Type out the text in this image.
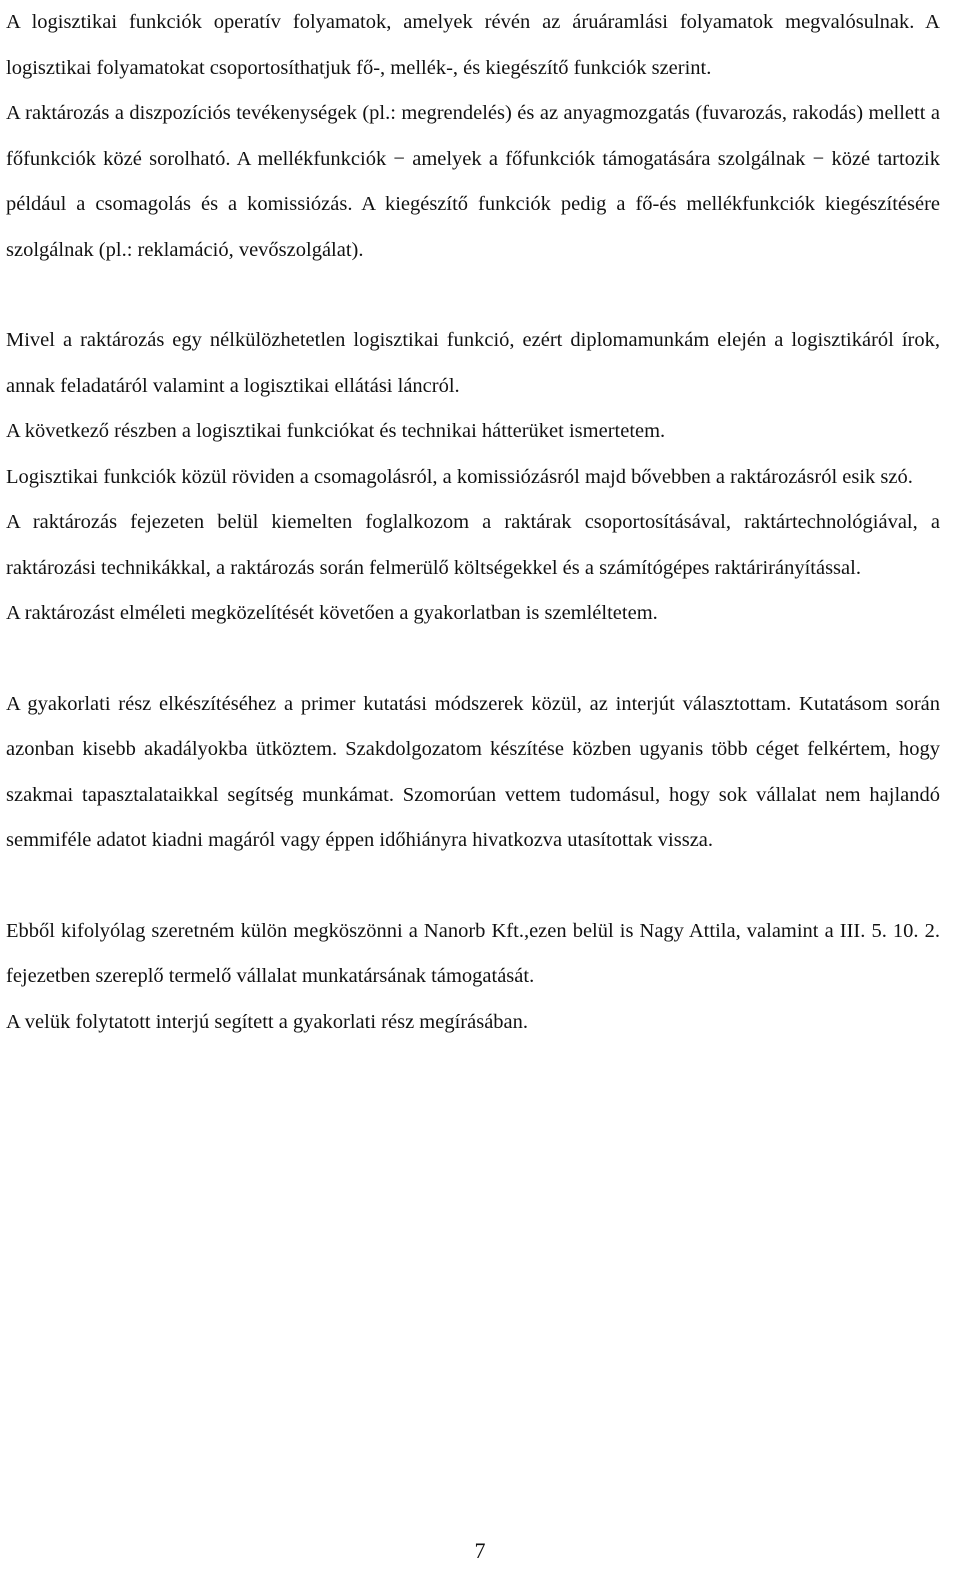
A logisztikai funkciók operatív folyamatok, amelyek révén az áruáramlási folyamatok megvalósulnak. A logisztikai folyamatokat csoportosíthatjuk fő-, mellék-, és kiegészítő funkciók szerint.

A raktározás a diszpozíciós tevékenységek (pl.: megrendelés) és az anyagmozgatás (fuvarozás, rakodás) mellett a főfunkciók közé sorolható. A mellékfunkciók − amelyek a főfunkciók támogatására szolgálnak − közé tartozik például a csomagolás és a komissiózás. A kiegészítő funkciók pedig a fő-és mellékfunkciók kiegészítésére szolgálnak (pl.: reklamáció, vevőszolgálat).

Mivel a raktározás egy nélkülözhetetlen logisztikai funkció, ezért diplomamunkám elején a logisztikáról írok, annak feladatáról valamint a logisztikai ellátási láncról.

A következő részben a logisztikai funkciókat és technikai hátterüket ismertetem.

Logisztikai funkciók közül röviden a csomagolásról, a komissiózásról majd bővebben a raktározásról esik szó.

A raktározás fejezeten belül kiemelten foglalkozom a raktárak csoportosításával, raktártechnológiával, a raktározási technikákkal, a raktározás során felmerülő költségekkel és a számítógépes raktárirányítással.

A raktározást elméleti megközelítését követően a gyakorlatban is szemléltetem.

A gyakorlati rész elkészítéséhez a primer kutatási módszerek közül, az interjút választottam. Kutatásom során azonban kisebb akadályokba ütköztem. Szakdolgozatom készítése közben ugyanis több céget felkértem, hogy szakmai tapasztalataikkal segítség munkámat. Szomorúan vettem tudomásul, hogy sok vállalat nem hajlandó semmiféle adatot kiadni magáról vagy éppen időhiányra hivatkozva utasítottak vissza.

Ebből kifolyólag szeretném külön megköszönni a Nanorb Kft.,ezen belül is Nagy Attila, valamint a III. 5. 10. 2. fejezetben szereplő termelő vállalat munkatársának támogatását.

A velük folytatott interjú segített a gyakorlati rész megírásában.

7
